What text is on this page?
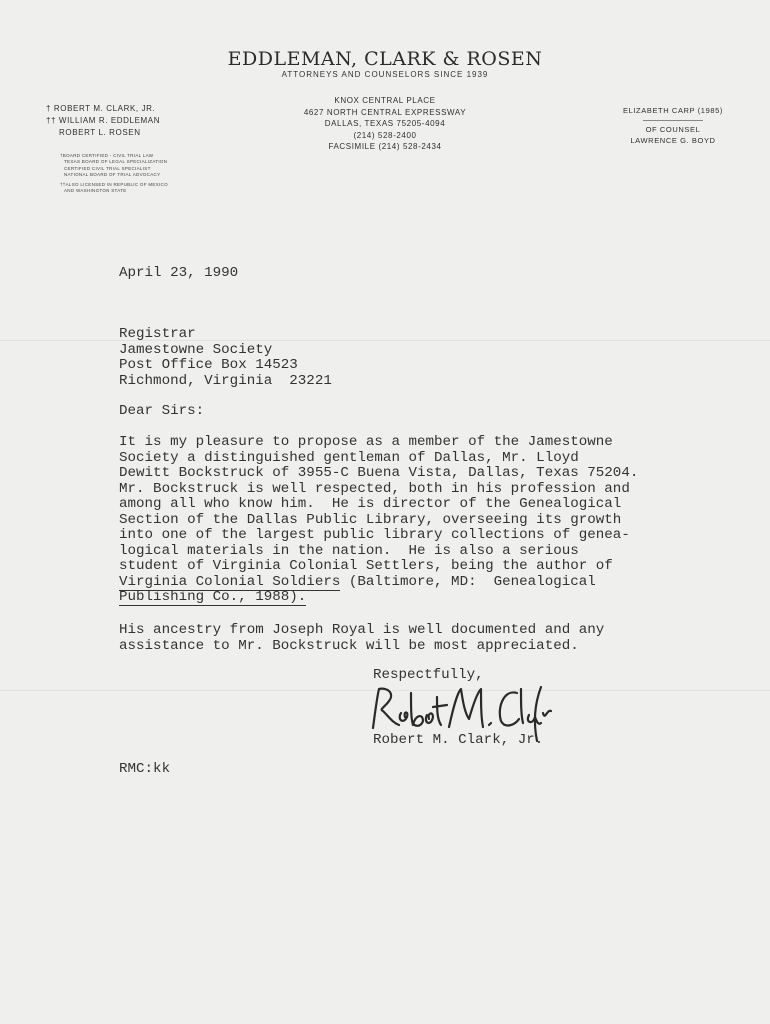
EDDLEMAN, CLARK & ROSEN
ATTORNEYS AND COUNSELORS SINCE 1939
† ROBERT M. CLARK, JR.
†† WILLIAM R. EDDLEMAN
ROBERT L. ROSEN
KNOX CENTRAL PLACE
4627 NORTH CENTRAL EXPRESSWAY
DALLAS, TEXAS 75205-4094
(214) 528-2400
FACSIMILE (214) 528-2434
ELIZABETH CARP (1985)
OF COUNSEL
LAWRENCE G. BOYD
†BOARD CERTIFIED - CIVIL TRIAL LAW
TEXAS BOARD OF LEGAL SPECIALIZATION
CERTIFIED CIVIL TRIAL SPECIALIST
NATIONAL BOARD OF TRIAL ADVOCACY
††ALSO LICENSED IN REPUBLIC OF MEXICO
AND WASHINGTON STATE
April 23, 1990
Registrar
Jamestowne Society
Post Office Box 14523
Richmond, Virginia  23221
Dear Sirs:
It is my pleasure to propose as a member of the Jamestowne
Society a distinguished gentleman of Dallas, Mr. Lloyd
Dewitt Bockstruck of 3955-C Buena Vista, Dallas, Texas 75204.
Mr. Bockstruck is well respected, both in his profession and
among all who know him.  He is director of the Genealogical
Section of the Dallas Public Library, overseeing its growth
into one of the largest public library collections of genea-
logical materials in the nation.  He is also a serious
student of Virginia Colonial Settlers, being the author of
Virginia Colonial Soldiers (Baltimore, MD:  Genealogical
Publishing Co., 1988).
His ancestry from Joseph Royal is well documented and any
assistance to Mr. Bockstruck will be most appreciated.
Respectfully,
Robert M. Clark, Jr.
RMC:kk
